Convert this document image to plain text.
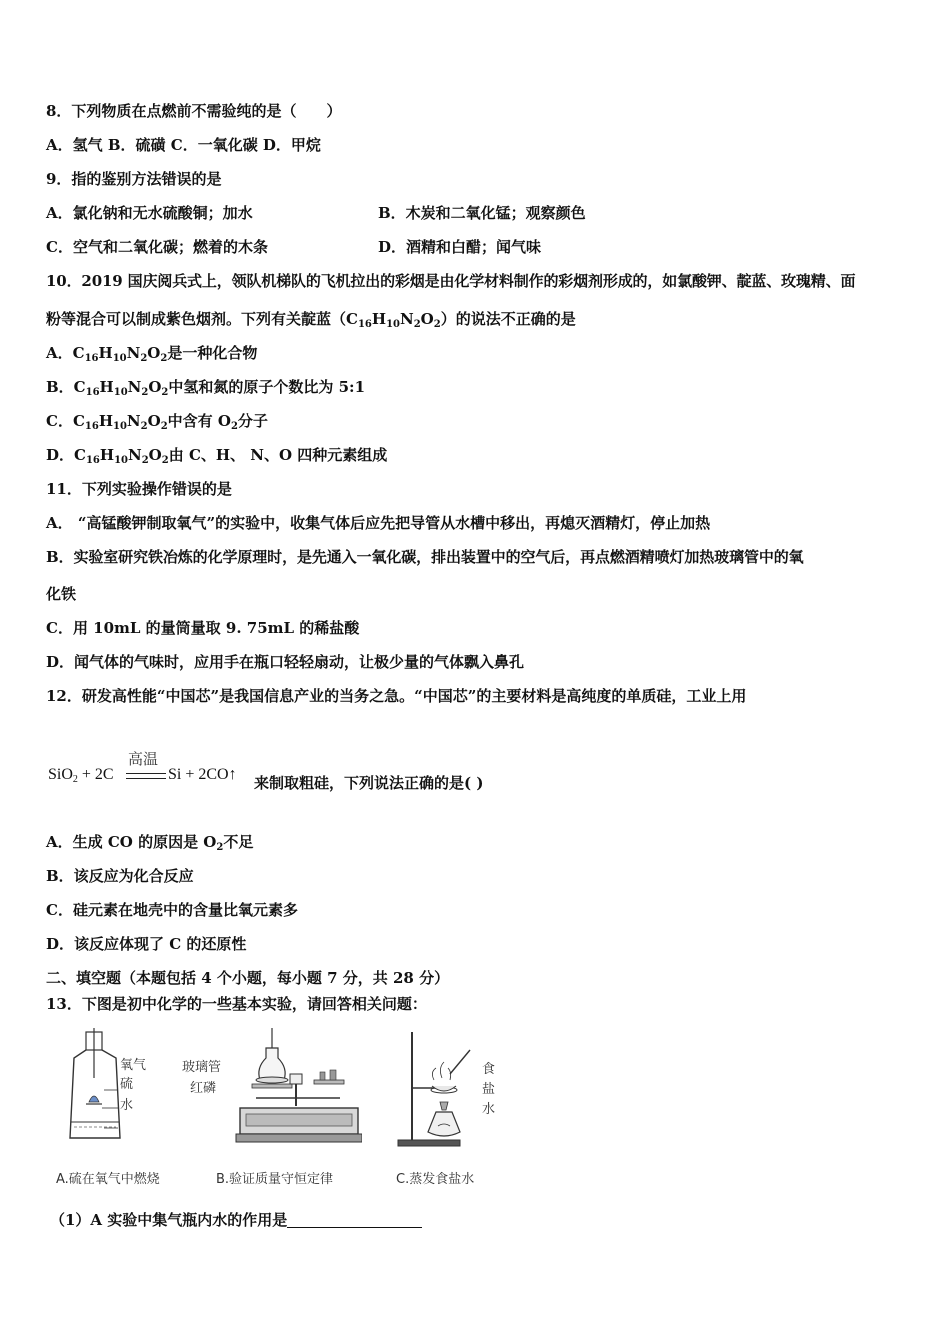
8．下列物质在点燃前不需验纯的是（　　）
A．氢气 B．硫磺 C．一氧化碳 D．甲烷
9．指的鉴别方法错误的是
A．氯化钠和无水硫酸铜；加水	B．木炭和二氧化锰；观察颜色
C．空气和二氧化碳；燃着的木条	D．酒精和白醋；闻气味
10．2019 国庆阅兵式上，领队机梯队的飞机拉出的彩烟是由化学材料制作的彩烟剂形成的，如氯酸钾、靛蓝、玫瑰精、面
粉等混合可以制成紫色烟剂。下列有关靛蓝$(C_{16}H_{10}N_2O_2)$的说法不正确的是
A．$C_{16}H_{10}N_2O_2$是一种化合物
B．$C_{16}H_{10}N_2O_2$中氢和氮的原子个数比为 5:1
C．$C_{16}H_{10}N_2O_2$中含有 $O_2$分子
D．$C_{16}H_{10}N_2O_2$由 C、H、 N、O 四种元素组成
11．下列实验操作错误的是
A． “高锰酸钾制取氧气”的实验中，收集气体后应先把导管从水槽中移出，再熄灭酒精灯，停止加热
B．实验室研究铁冶炼的化学原理时，是先通入一氧化碳，排出装置中的空气后，再点燃酒精喷灯加热玻璃管中的氧
化铁
C．用 10mL 的量筒量取 9. 75mL 的稀盐酸
D．闻气体的气味时，应用手在瓶口轻轻扇动，让极少量的气体飘入鼻孔
12．研发高性能“中国芯”是我国信息产业的当务之急。“中国芯”的主要材料是高纯度的单质硅，工业上用
SiO$_2$ + 2C
高温
Si + 2CO↑ 来制取粗硅，下列说法正确的是( )
A．生成 CO 的原因是 $O_2$不足
B．该反应为化合反应
C．硅元素在地壳中的含量比氧元素多
D．该反应体现了 C 的还原性
二、填空题（本题包括 4 个小题，每小题 7 分，共 28 分）
13．下图是初中化学的一些基本实验，请回答相关问题：
氧气
硫
水
A.硫在氧气中燃烧
玻璃管
红磷
B.验证质量守恒定律
食
盐
水
C.蒸发食盐水
（1）A 实验中集气瓶内水的作用是
